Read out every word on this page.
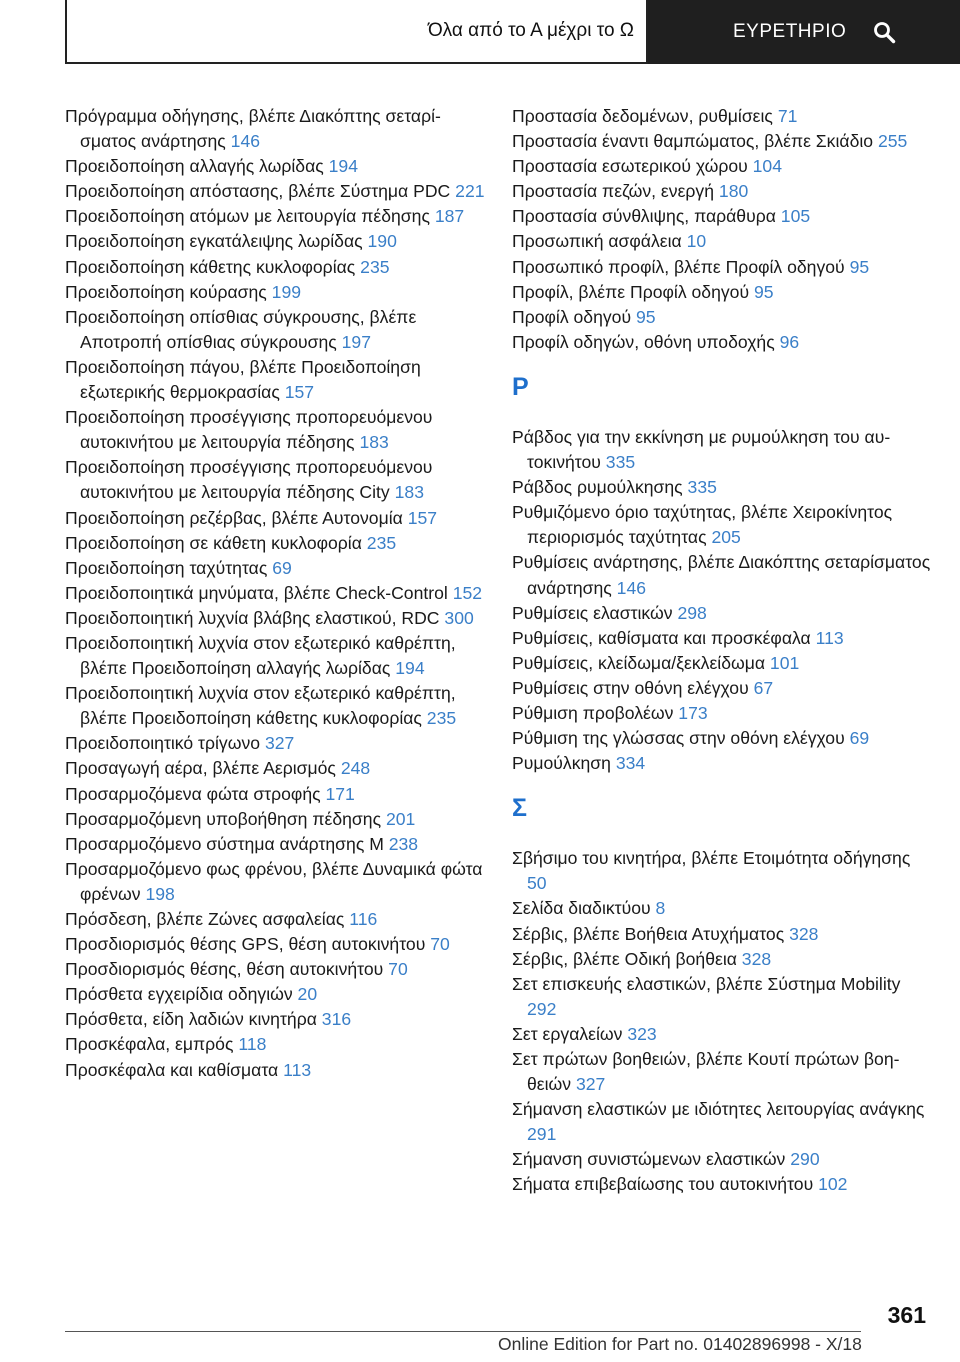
Όλα από το Α μέχρι το Ω	ΕΥΡΕΤΗΡΙΟ
Πρόγραμμα οδήγησης, βλέπε Διακόπτης σεταρίσματος ανάρτησης 146
Προειδοποίηση αλλαγής λωρίδας 194
Προειδοποίηση απόστασης, βλέπε Σύστημα PDC 221
Προειδοποίηση ατόμων με λειτουργία πέδησης 187
Προειδοποίηση εγκατάλειψης λωρίδας 190
Προειδοποίηση κάθετης κυκλοφορίας 235
Προειδοποίηση κούρασης 199
Προειδοποίηση οπίσθιας σύγκρουσης, βλέπε Αποτροπή οπίσθιας σύγκρουσης 197
Προειδοποίηση πάγου, βλέπε Προειδοποίηση εξωτερικής θερμοκρασίας 157
Προειδοποίηση προσέγγισης προπορευόμενου αυτοκινήτου με λειτουργία πέδησης 183
Προειδοποίηση προσέγγισης προπορευόμενου αυτοκινήτου με λειτουργία πέδησης City 183
Προειδοποίηση ρεζέρβας, βλέπε Αυτονομία 157
Προειδοποίηση σε κάθετη κυκλοφορία 235
Προειδοποίηση ταχύτητας 69
Προειδοποιητικά μηνύματα, βλέπε Check-Control 152
Προειδοποιητική λυχνία βλάβης ελαστικού, RDC 300
Προειδοποιητική λυχνία στον εξωτερικό καθρέπτη, βλέπε Προειδοποίηση αλλαγής λωρίδας 194
Προειδοποιητική λυχνία στον εξωτερικό καθρέπτη, βλέπε Προειδοποίηση κάθετης κυκλοφορίας 235
Προειδοποιητικό τρίγωνο 327
Προσαγωγή αέρα, βλέπε Αερισμός 248
Προσαρμοζόμενα φώτα στροφής 171
Προσαρμοζόμενη υποβοήθηση πέδησης 201
Προσαρμοζόμενο σύστημα ανάρτησης M 238
Προσαρμοζόμενο φως φρένου, βλέπε Δυναμικά φώτα φρένων 198
Πρόσδεση, βλέπε Ζώνες ασφαλείας 116
Προσδιορισμός θέσης GPS, θέση αυτοκινήτου 70
Προσδιορισμός θέσης, θέση αυτοκινήτου 70
Πρόσθετα εγχειρίδια οδηγιών 20
Πρόσθετα, είδη λαδιών κινητήρα 316
Προσκέφαλα, εμπρός 118
Προσκέφαλα και καθίσματα 113
Προστασία δεδομένων, ρυθμίσεις 71
Προστασία έναντι θαμπώματος, βλέπε Σκιάδιο 255
Προστασία εσωτερικού χώρου 104
Προστασία πεζών, ενεργή 180
Προστασία σύνθλιψης, παράθυρα 105
Προσωπική ασφάλεια 10
Προσωπικό προφίλ, βλέπε Προφίλ οδηγού 95
Προφίλ, βλέπε Προφίλ οδηγού 95
Προφίλ οδηγού 95
Προφίλ οδηγών, οθόνη υποδοχής 96
Ρ
Ράβδος για την εκκίνηση με ρυμούλκηση του αυτοκινήτου 335
Ράβδος ρυμούλκησης 335
Ρυθμιζόμενο όριο ταχύτητας, βλέπε Χειροκίνητος περιορισμός ταχύτητας 205
Ρυθμίσεις ανάρτησης, βλέπε Διακόπτης σεταρίσματος ανάρτησης 146
Ρυθμίσεις ελαστικών 298
Ρυθμίσεις, καθίσματα και προσκέφαλα 113
Ρυθμίσεις, κλείδωμα/ξεκλείδωμα 101
Ρυθμίσεις στην οθόνη ελέγχου 67
Ρύθμιση προβολέων 173
Ρύθμιση της γλώσσας στην οθόνη ελέγχου 69
Ρυμούλκηση 334
Σ
Σβήσιμο του κινητήρα, βλέπε Ετοιμότητα οδήγησης 50
Σελίδα διαδικτύου 8
Σέρβις, βλέπε Βοήθεια Ατυχήματος 328
Σέρβις, βλέπε Οδική βοήθεια 328
Σετ επισκευής ελαστικών, βλέπε Σύστημα Mobility 292
Σετ εργαλείων 323
Σετ πρώτων βοηθειών, βλέπε Κουτί πρώτων βοηθειών 327
Σήμανση ελαστικών με ιδιότητες λειτουργίας ανάγκης 291
Σήμανση συνιστώμενων ελαστικών 290
Σήματα επιβεβαίωσης του αυτοκινήτου 102
361
Online Edition for Part no. 01402896998 - X/18
